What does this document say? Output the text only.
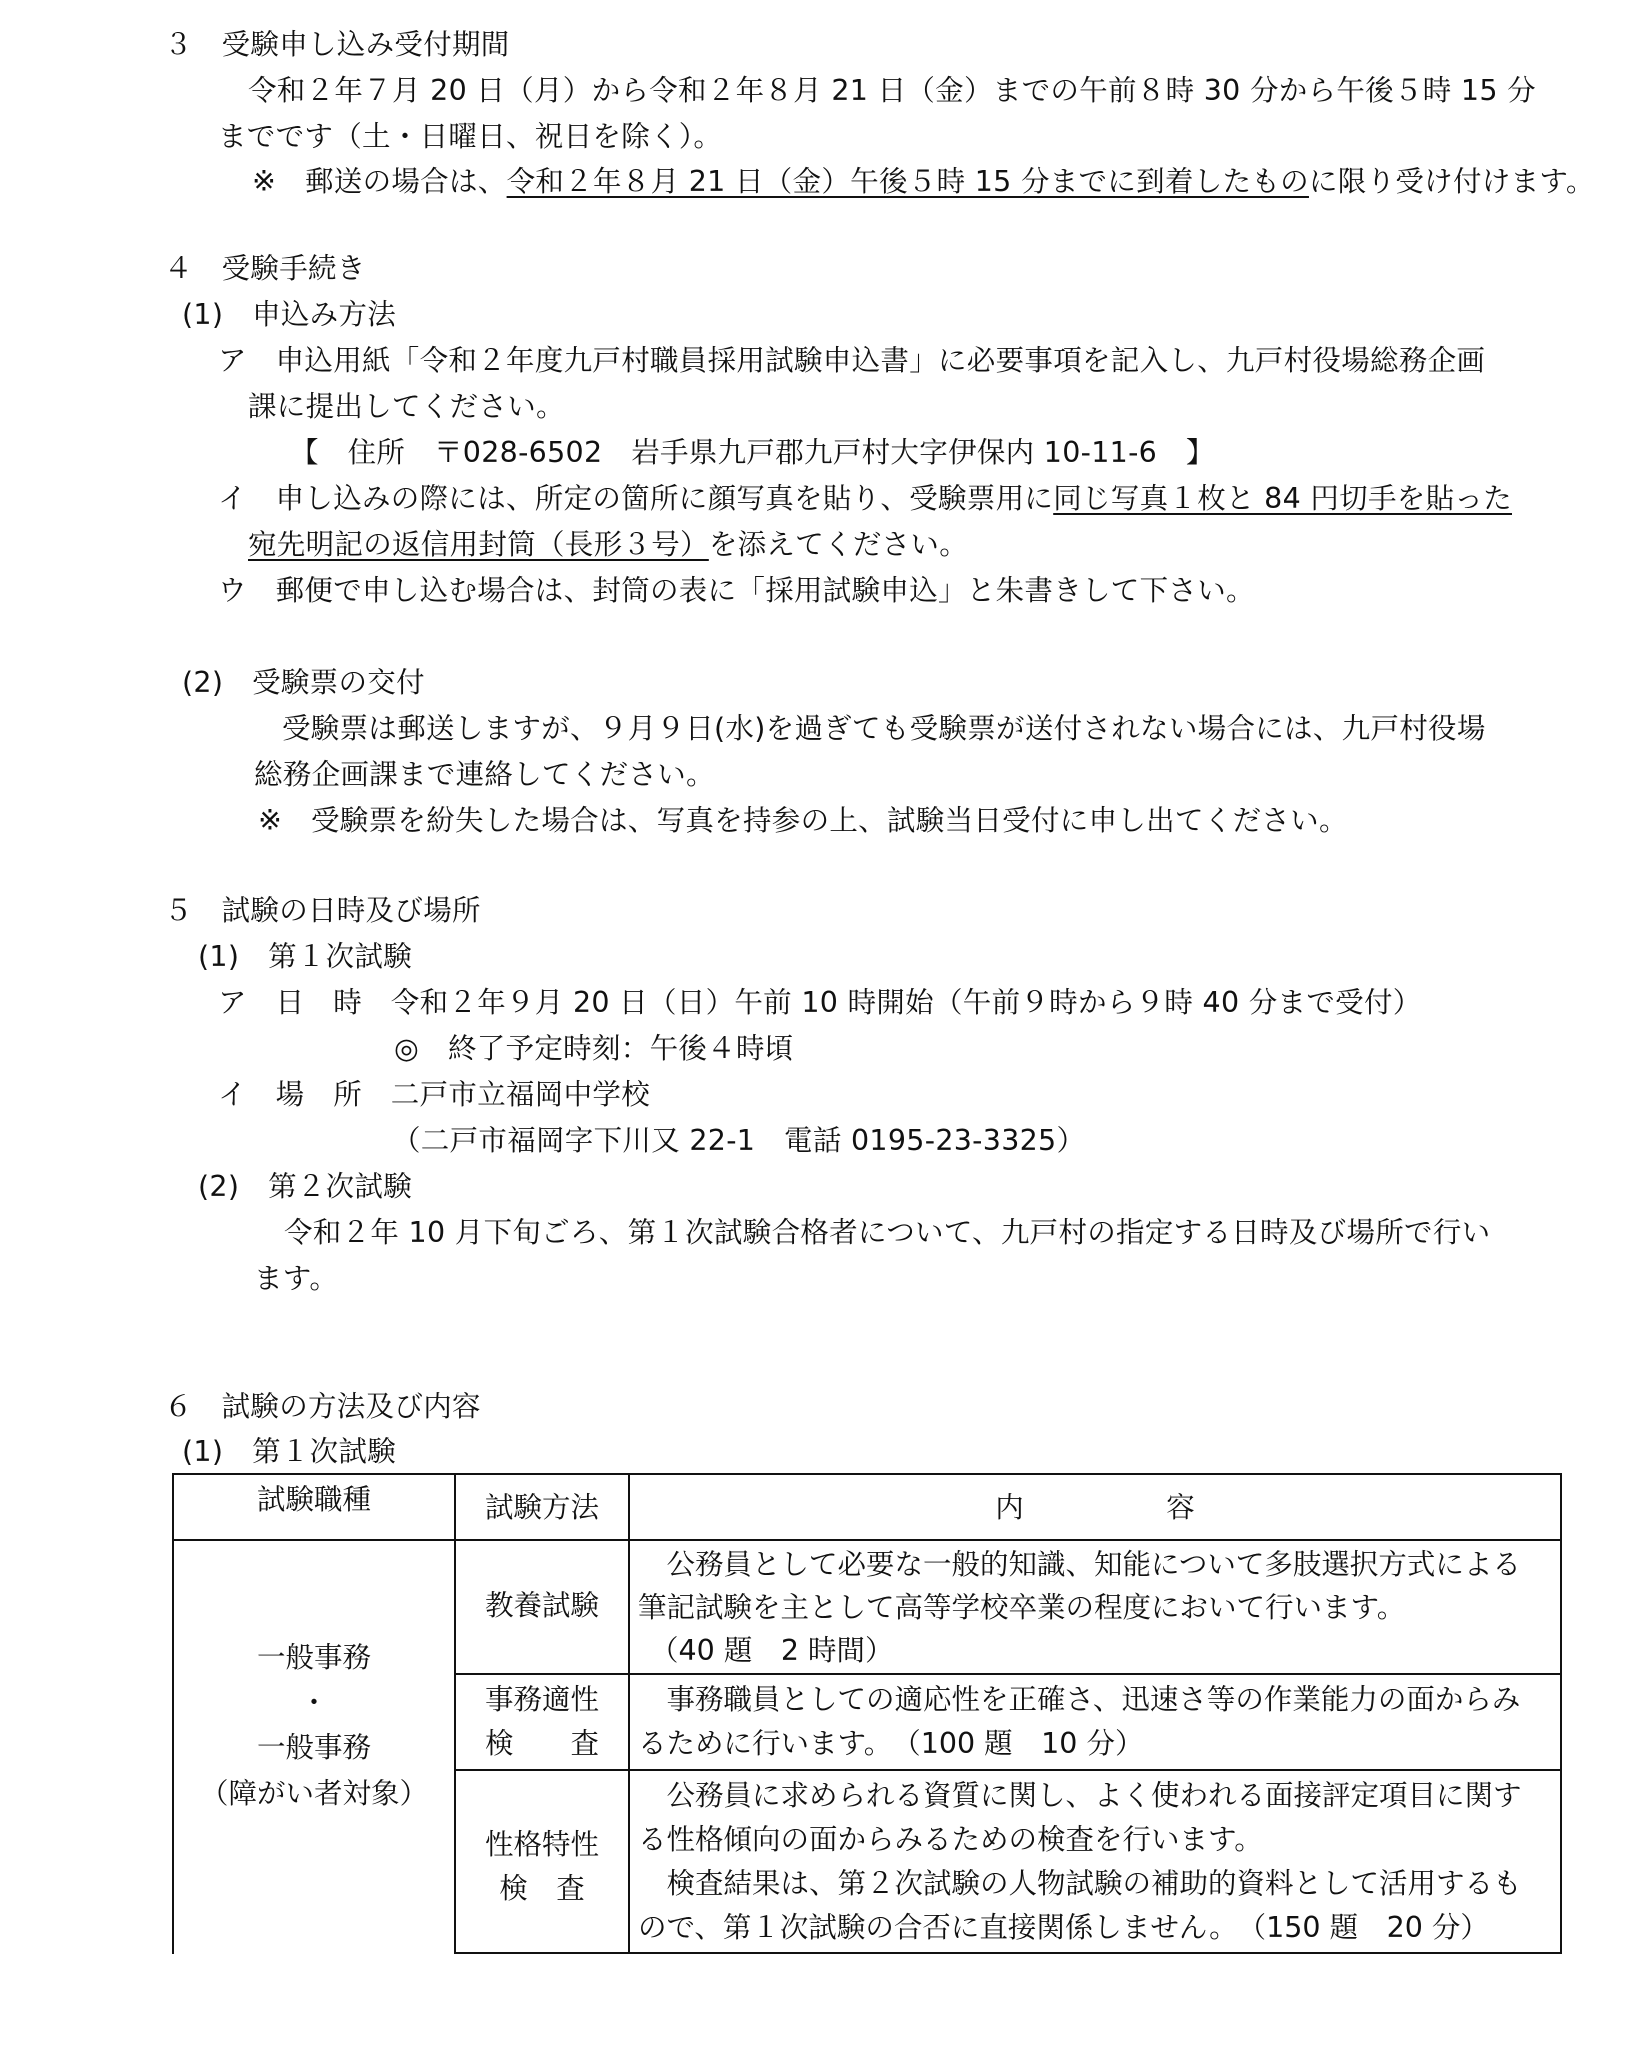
３　受験申し込み受付期間
令和２年７月 20 日（月）から令和２年８月 21 日（金）までの午前８時 30 分から午後５時 15 分
までです（土・日曜日、祝日を除く）。
※　郵送の場合は、令和２年８月 21 日（金）午後５時 15 分までに到着したものに限り受け付けます。
４　受験手続き
(1)　申込み方法
ア　申込用紙「令和２年度九戸村職員採用試験申込書」に必要事項を記入し、九戸村役場総務企画
課に提出してください。
【　住所　〒028-6502　岩手県九戸郡九戸村大字伊保内 10-11-6　】
イ　申し込みの際には、所定の箇所に顔写真を貼り、受験票用に同じ写真１枚と 84 円切手を貼った
宛先明記の返信用封筒（長形３号）を添えてください。
ウ　郵便で申し込む場合は、封筒の表に「採用試験申込」と朱書きして下さい。
(2)　受験票の交付
受験票は郵送しますが、９月９日(水)を過ぎても受験票が送付されない場合には、九戸村役場
総務企画課まで連絡してください。
※　受験票を紛失した場合は、写真を持参の上、試験当日受付に申し出てください。
５　試験の日時及び場所
(1)　第１次試験
ア　日　時　令和２年９月 20 日（日）午前 10 時開始（午前９時から９時 40 分まで受付）
◎　終了予定時刻：午後４時頃
イ　場　所　二戸市立福岡中学校
（二戸市福岡字下川又 22-1　電話 0195-23-3325）
(2)　第２次試験
令和２年 10 月下旬ごろ、第１次試験合格者について、九戸村の指定する日時及び場所で行い
ます。
６　試験の方法及び内容
(1)　第１次試験
試験職種	試験方法	内　　　　　容
一般事務
・
一般事務
（障がい者対象）
教養試験
　公務員として必要な一般的知識、知能について多肢選択方式による
筆記試験を主として高等学校卒業の程度において行います。
（40 題　2 時間）
事務適性
検　　査
　事務職員としての適応性を正確さ、迅速さ等の作業能力の面からみ
るために行います。　（100 題　10 分）
性格特性
検　査
　公務員に求められる資質に関し、よく使われる面接評定項目に関す
る性格傾向の面からみるための検査を行います。
　検査結果は、第２次試験の人物試験の補助的資料として活用するも
ので、第１次試験の合否に直接関係しません。　（150 題　20 分）
